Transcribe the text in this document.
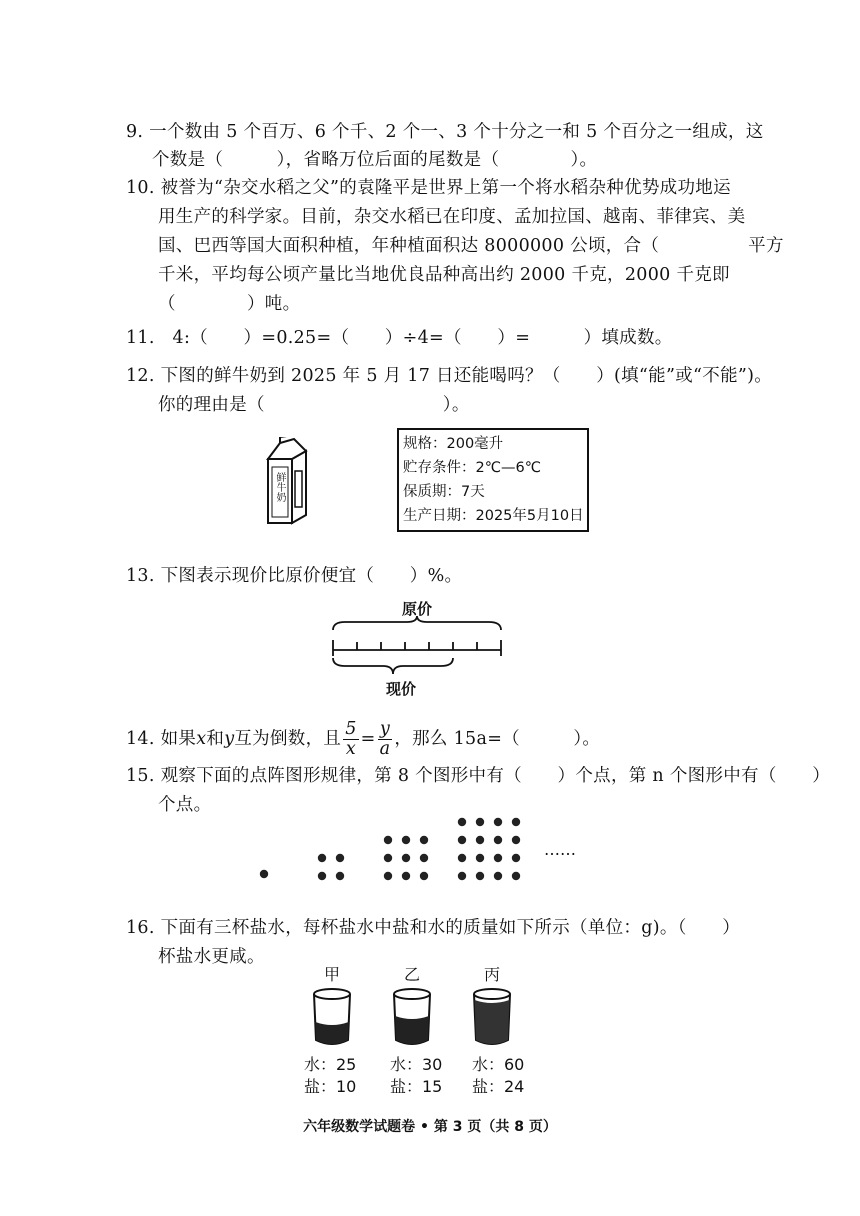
9. 一个数由 5 个百万、6 个千、2 个一、3 个十分之一和 5 个百分之一组成，这
个数是（　　　），省略万位后面的尾数是（　　　　）。
10. 被誉为“杂交水稻之父”的袁隆平是世界上第一个将水稻杂种优势成功地运
用生产的科学家。目前，杂交水稻已在印度、孟加拉国、越南、菲律宾、美
国、巴西等国大面积种植，年种植面积达 8000000 公顷，合（　　　　　平方
千米，平均每公顷产量比当地优良品种高出约 2000 千克，2000 千克即
（　　　　）吨。
11.　4:（　　）=0.25=（　　）÷4=（　　）=　　　）填成数。
12. 下图的鲜牛奶到 2025 年 5 月 17 日还能喝吗？（　　）(填“能”或“不能”)。
你的理由是（　　　　　　　　　　）。
鲜牛奶
规格：200毫升
贮存条件：2℃—6℃
保质期：7天
生产日期：2025年5月10日
13. 下图表示现价比原价便宜（　　）%。
原价
现价
14. 如果x和y互为倒数，且 $\frac{5}{x} = \frac{y}{a}$ ，那么 15a=（　　　）。
15. 观察下面的点阵图形规律，第 8 个图形中有（　　）个点，第 n 个图形中有（　　）
个点。
……
16. 下面有三杯盐水，每杯盐水中盐和水的质量如下所示（单位：g)。（　　）
杯盐水更咸。
甲	乙	丙
水：25
盐：10
水：30
盐：15
水：60
盐：24
六年级数学试题卷 • 第 3 页（共 8 页）
